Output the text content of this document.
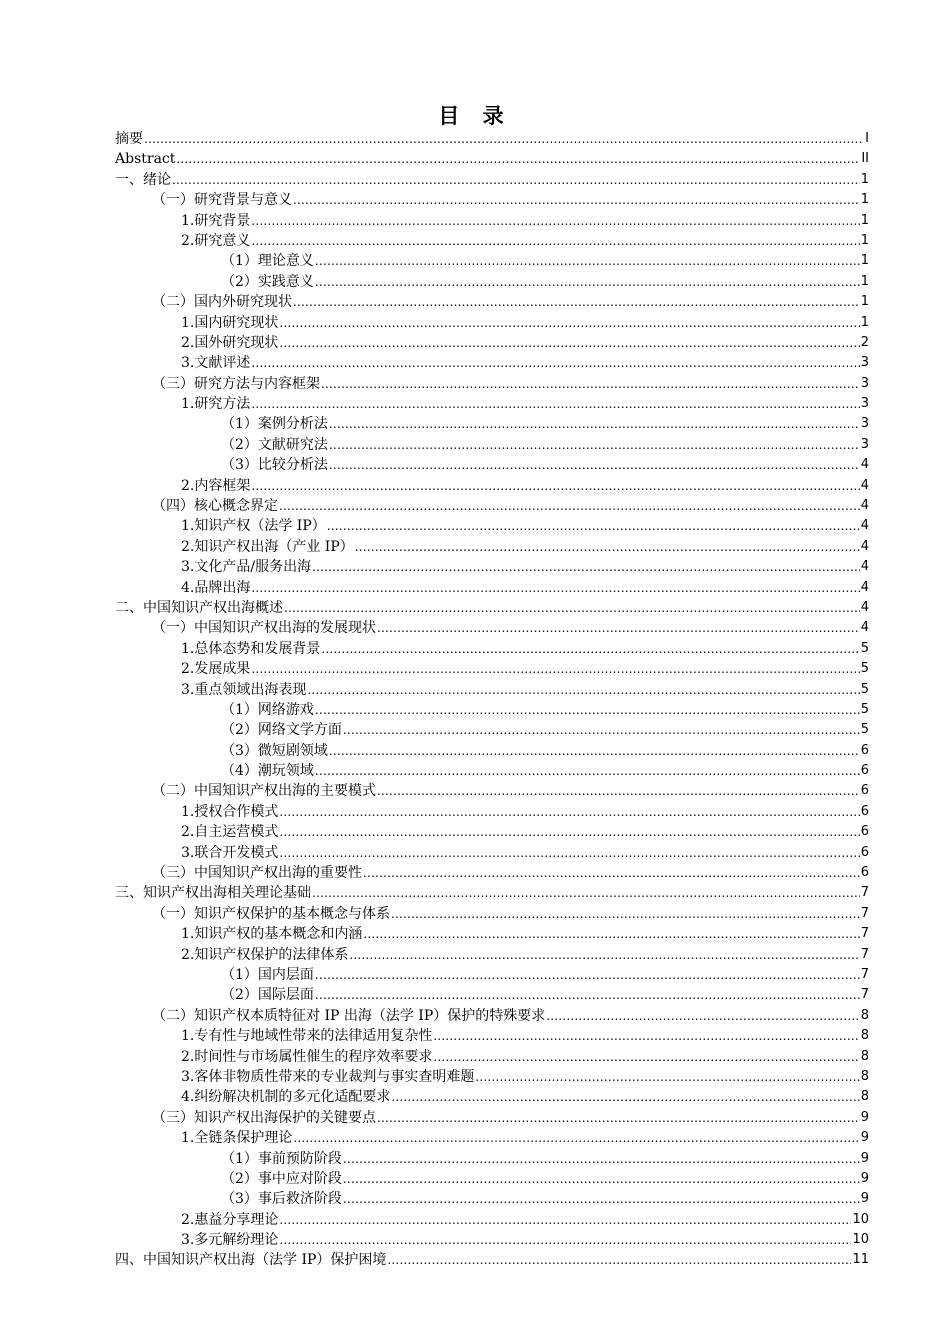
目 录
摘要 .....	I
Abstract .....	II
一、绪论 .....	1
（一）研究背景与意义 .....	1
1.研究背景 .....	1
2.研究意义 .....	1
（1）理论意义 .....	1
（2）实践意义 .....	1
（二）国内外研究现状 .....	1
1.国内研究现状 .....	1
2.国外研究现状 .....	2
3.文献评述 .....	3
（三）研究方法与内容框架 .....	3
1.研究方法 .....	3
（1）案例分析法 .....	3
（2）文献研究法 .....	3
（3）比较分析法 .....	4
2.内容框架 .....	4
（四）核心概念界定 .....	4
1.知识产权（法学 IP） .....	4
2.知识产权出海（产业 IP） .....	4
3.文化产品/服务出海 .....	4
4.品牌出海 .....	4
二、中国知识产权出海概述 .....	4
（一）中国知识产权出海的发展现状 .....	4
1.总体态势和发展背景 .....	5
2.发展成果 .....	5
3.重点领域出海表现 .....	5
（1）网络游戏 .....	5
（2）网络文学方面 .....	5
（3）微短剧领域 .....	6
（4）潮玩领域 .....	6
（二）中国知识产权出海的主要模式 .....	6
1.授权合作模式 .....	6
2.自主运营模式 .....	6
3.联合开发模式 .....	6
（三）中国知识产权出海的重要性 .....	6
三、知识产权出海相关理论基础 .....	7
（一）知识产权保护的基本概念与体系 .....	7
1.知识产权的基本概念和内涵 .....	7
2.知识产权保护的法律体系 .....	7
（1）国内层面 .....	7
（2）国际层面 .....	7
（二）知识产权本质特征对 IP 出海（法学 IP）保护的特殊要求 .....	8
1.专有性与地域性带来的法律适用复杂性 .....	8
2.时间性与市场属性催生的程序效率要求 .....	8
3.客体非物质性带来的专业裁判与事实查明难题 .....	8
4.纠纷解决机制的多元化适配要求 .....	8
（三）知识产权出海保护的关键要点 .....	9
1.全链条保护理论 .....	9
（1）事前预防阶段 .....	9
（2）事中应对阶段 .....	9
（3）事后救济阶段 .....	9
2.惠益分享理论 .....	10
3.多元解纷理论 .....	10
四、中国知识产权出海（法学 IP）保护困境 .....	11
